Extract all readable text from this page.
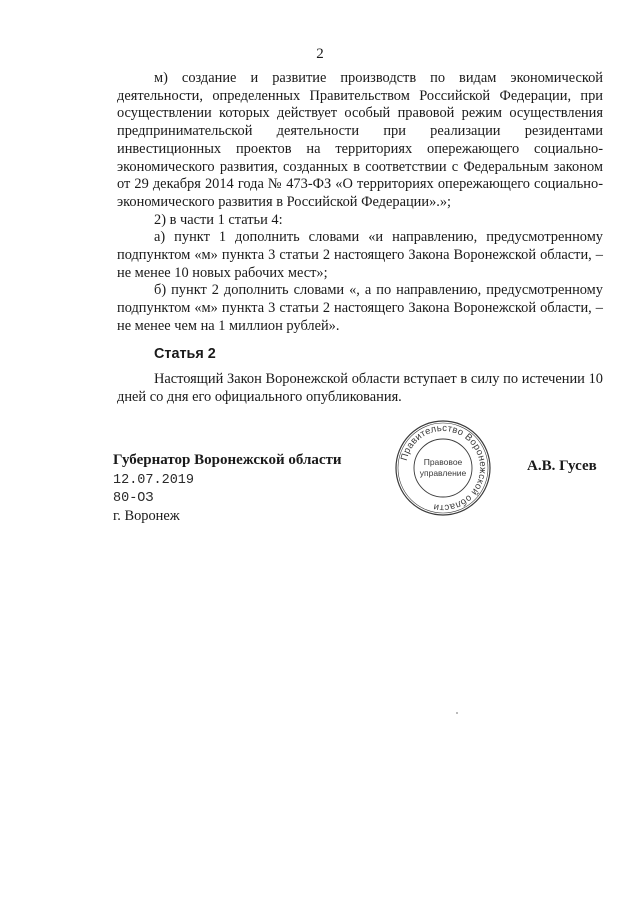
2

м) создание и развитие производств по видам экономической деятельности, определенных Правительством Российской Федерации, при осуществлении которых действует особый правовой режим осуществления предпринимательской деятельности при реализации резидентами инвестиционных проектов на территориях опережающего социально-экономического развития, созданных в соответствии с Федеральным законом от 29 декабря 2014 года № 473-ФЗ «О территориях опережающего социально-экономического развития в Российской Федерации».»;

2) в части 1 статьи 4:

а) пункт 1 дополнить словами «и направлению, предусмотренному подпунктом «м» пункта 3 статьи 2 настоящего Закона Воронежской области, – не менее 10 новых рабочих мест»;

б) пункт 2 дополнить словами «, а по направлению, предусмотренному подпунктом «м» пункта 3 статьи 2 настоящего Закона Воронежской области, – не менее чем на 1 миллион рублей».

Статья 2

Настоящий Закон Воронежской области вступает в силу по истечении 10 дней со дня его официального опубликования.

Губернатор Воронежской области
12.07.2019
80-ОЗ
г. Воронеж
Правительство Воронежской области
Правовое
управление	А.В. Гусев
